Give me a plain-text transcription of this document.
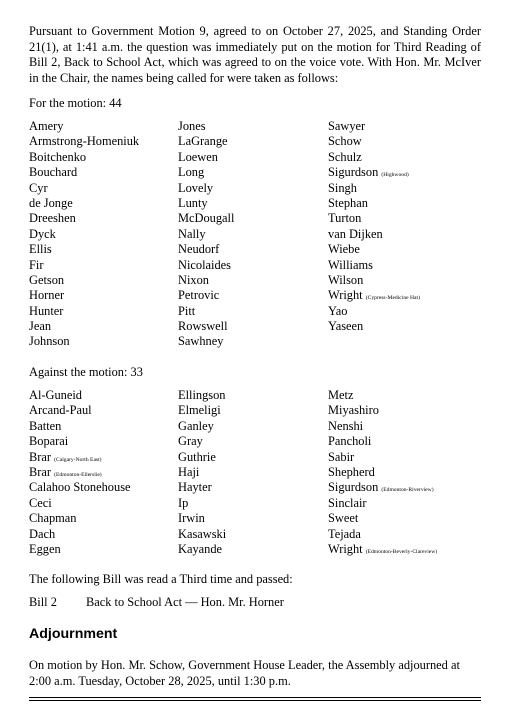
Pursuant to Government Motion 9, agreed to on October 27, 2025, and Standing Order 21(1), at 1:41 a.m. the question was immediately put on the motion for Third Reading of Bill 2, Back to School Act, which was agreed to on the voice vote. With Hon. Mr. McIver in the Chair, the names being called for were taken as follows:

For the motion: 44

Amery
Armstrong-Homeniuk
Boitchenko
Bouchard
Cyr
de Jonge
Dreeshen
Dyck
Ellis
Fir
Getson
Horner
Hunter
Jean
Johnson
Jones
LaGrange
Loewen
Long
Lovely
Lunty
McDougall
Nally
Neudorf
Nicolaides
Nixon
Petrovic
Pitt
Rowswell
Sawhney
Sawyer
Schow
Schulz
Sigurdson (Highwood)
Singh
Stephan
Turton
van Dijken
Wiebe
Williams
Wilson
Wright (Cypress-Medicine Hat)
Yao
Yaseen

Against the motion: 33

Al-Guneid
Arcand-Paul
Batten
Boparai
Brar (Calgary-North East)
Brar (Edmonton-Ellerslie)
Calahoo Stonehouse
Ceci
Chapman
Dach
Eggen
Ellingson
Elmeligi
Ganley
Gray
Guthrie
Haji
Hayter
Ip
Irwin
Kasawski
Kayande
Metz
Miyashiro
Nenshi
Pancholi
Sabir
Shepherd
Sigurdson (Edmonton-Riverview)
Sinclair
Sweet
Tejada
Wright (Edmonton-Beverly-Clareview)

The following Bill was read a Third time and passed:

Bill 2 Back to School Act — Hon. Mr. Horner

Adjournment

On motion by Hon. Mr. Schow, Government House Leader, the Assembly adjourned at 2:00 a.m. Tuesday, October 28, 2025, until 1:30 p.m.
